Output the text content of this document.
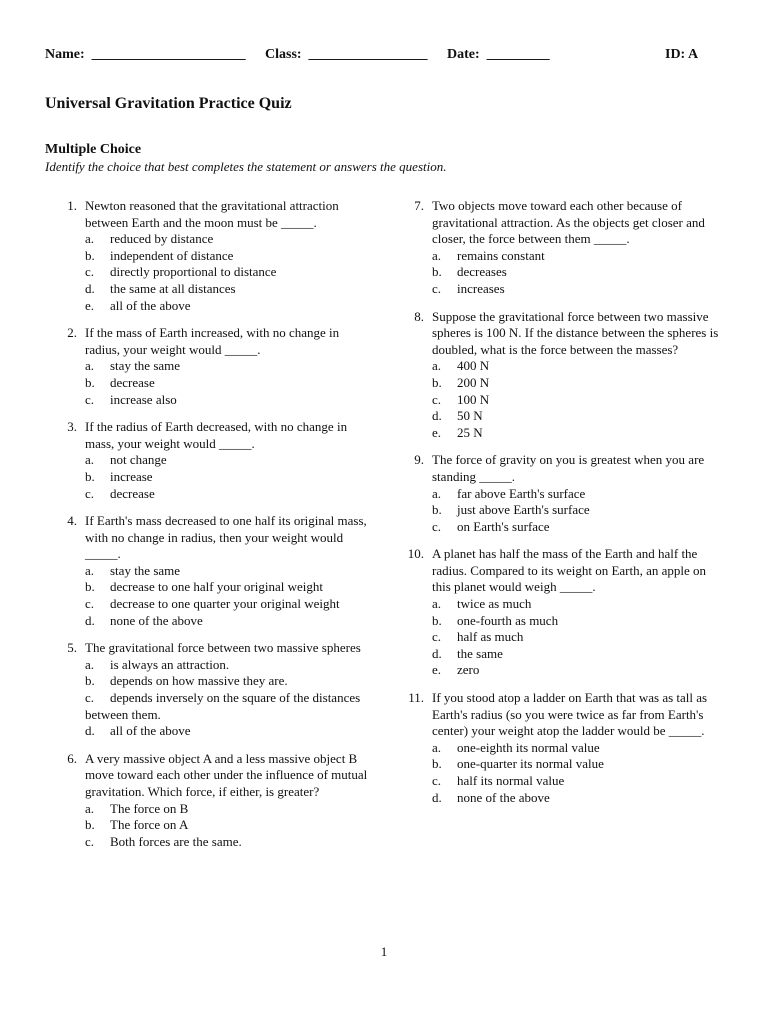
Name:  ______________________ Class:  _________________ Date:  _________	ID: A
Universal Gravitation Practice Quiz
Multiple Choice

Identify the choice that best completes the statement or answers the question.

1. Newton reasoned that the gravitational attraction between Earth and the moon must be _____.
a. reduced by distance
b. independent of distance
c. directly proportional to distance
d. the same at all distances
e. all of the above
2. If the mass of Earth increased, with no change in radius, your weight would _____.
a. stay the same
b. decrease
c. increase also
3. If the radius of Earth decreased, with no change in mass, your weight would _____.
a. not change
b. increase
c. decrease
4. If Earth's mass decreased to one half its original mass, with no change in radius, then your weight would _____.
a. stay the same
b. decrease to one half your original weight
c. decrease to one quarter your original weight
d. none of the above
5. The gravitational force between two massive spheres
a. is always an attraction.
b. depends on how massive they are.
c. depends inversely on the square of the distances between them.
d. all of the above
6. A very massive object A and a less massive object B move toward each other under the influence of mutual gravitation. Which force, if either, is greater?
a. The force on B
b. The force on A
c. Both forces are the same.
7. Two objects move toward each other because of gravitational attraction. As the objects get closer and closer, the force between them _____.
a. remains constant
b. decreases
c. increases
8. Suppose the gravitational force between two massive spheres is 100 N. If the distance between the spheres is doubled, what is the force between the masses?
a. 400 N
b. 200 N
c. 100 N
d. 50 N
e. 25 N
9. The force of gravity on you is greatest when you are standing _____.
a. far above Earth's surface
b. just above Earth's surface
c. on Earth's surface
10. A planet has half the mass of the Earth and half the radius. Compared to its weight on Earth, an apple on this planet would weigh _____.
a. twice as much
b. one-fourth as much
c. half as much
d. the same
e. zero
11. If you stood atop a ladder on Earth that was as tall as Earth's radius (so you were twice as far from Earth's center) your weight atop the ladder would be _____.
a. one-eighth its normal value
b. one-quarter its normal value
c. half its normal value
d. none of the above
1
